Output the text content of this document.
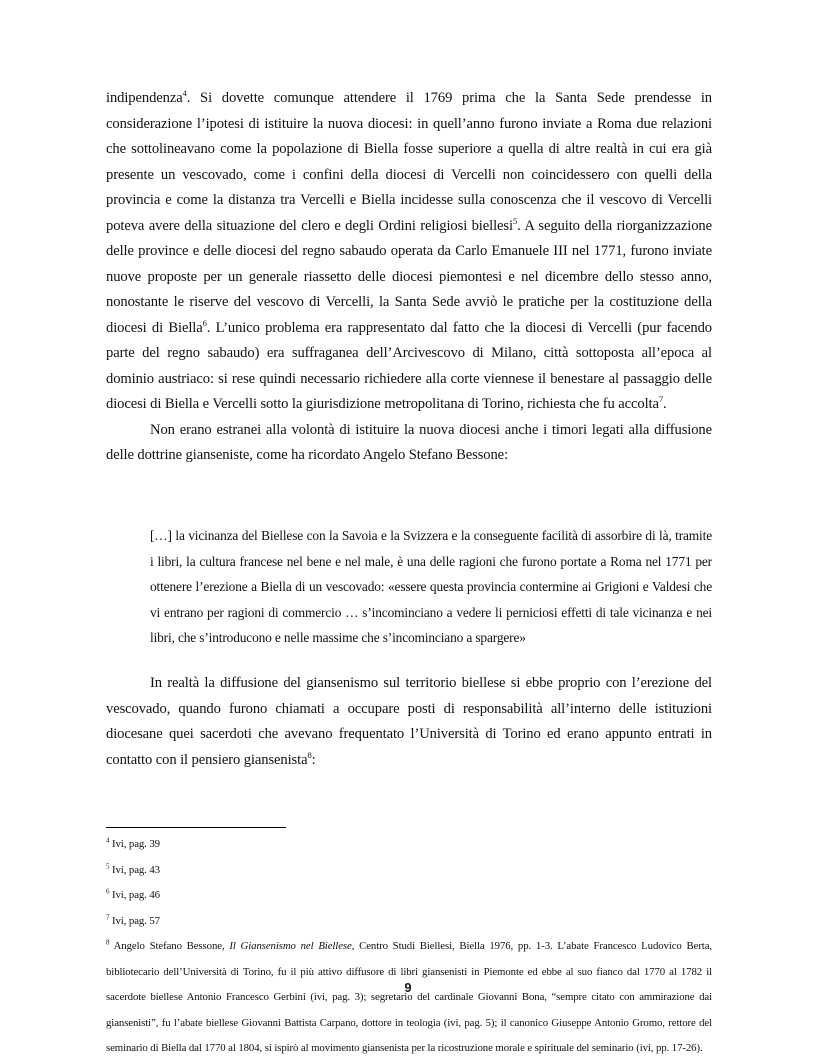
indipendenza$^4$. Si dovette comunque attendere il 1769 prima che la Santa Sede prendesse in considerazione l’ipotesi di istituire la nuova diocesi: in quell’anno furono inviate a Roma due relazioni che sottolineavano come la popolazione di Biella fosse superiore a quella di altre realtà in cui era già presente un vescovado, come i confini della diocesi di Vercelli non coincidessero con quelli della provincia e come la distanza tra Vercelli e Biella incidesse sulla conoscenza che il vescovo di Vercelli poteva avere della situazione del clero e degli Ordini religiosi biellesi$^5$. A seguito della riorganizzazione delle province e delle diocesi del regno sabaudo operata da Carlo Emanuele III nel 1771, furono inviate nuove proposte per un generale riassetto delle diocesi piemontesi e nel dicembre dello stesso anno, nonostante le riserve del vescovo di Vercelli, la Santa Sede avviò le pratiche per la costituzione della diocesi di Biella$^6$. L’unico problema era rappresentato dal fatto che la diocesi di Vercelli (pur facendo parte del regno sabaudo) era suffraganea dell’Arcivescovo di Milano, città sottoposta all’epoca al dominio austriaco: si rese quindi necessario richiedere alla corte viennese il benestare al passaggio delle diocesi di Biella e Vercelli sotto la giurisdizione metropolitana di Torino, richiesta che fu accolta$^7$.

Non erano estranei alla volontà di istituire la nuova diocesi anche i timori legati alla diffusione delle dottrine gianseniste, come ha ricordato Angelo Stefano Bessone:

[…] la vicinanza del Biellese con la Savoia e la Svizzera e la conseguente facilità di assorbire di là, tramite i libri, la cultura francese nel bene e nel male, è una delle ragioni che furono portate a Roma nel 1771 per ottenere l’erezione a Biella di un vescovado: «essere questa provincia contermine ai Grigioni e Valdesi che vi entrano per ragioni di commercio … s’incominciano a vedere li perniciosi effetti di tale vicinanza e nei libri, che s’introducono e nelle massime che s’incominciano a spargere»

In realtà la diffusione del giansenismo sul territorio biellese si ebbe proprio con l’erezione del vescovado, quando furono chiamati a occupare posti di responsabilità all’interno delle istituzioni diocesane quei sacerdoti che avevano frequentato l’Università di Torino ed erano appunto entrati in contatto con il pensiero giansenista$^8$:

$^4$ Ivi, pag. 39

$^5$ Ivi, pag. 43

$^6$ Ivi, pag. 46

$^7$ Ivi, pag. 57

$^8$ Angelo Stefano Bessone, Il Giansenismo nel Biellese, Centro Studi Biellesi, Biella 1976, pp. 1-3. L’abate Francesco Ludovico Berta, bibliotecario dell’Università di Torino, fu il più attivo diffusore di libri giansenisti in Piemonte ed ebbe al suo fianco dal 1770 al 1782 il sacerdote biellese Antonio Francesco Gerbini (ivi, pag. 3); segretario del cardinale Giovanni Bona, “sempre citato con ammirazione dai giansenisti”, fu l’abate biellese Giovanni Battista Carpano, dottore in teologia (ivi, pag. 5); il canonico Giuseppe Antonio Gromo, rettore del seminario di Biella dal 1770 al 1804, si ispirò al movimento giansenista per la ricostruzione morale e spirituale del seminario (ivi, pp. 17-26).

9
